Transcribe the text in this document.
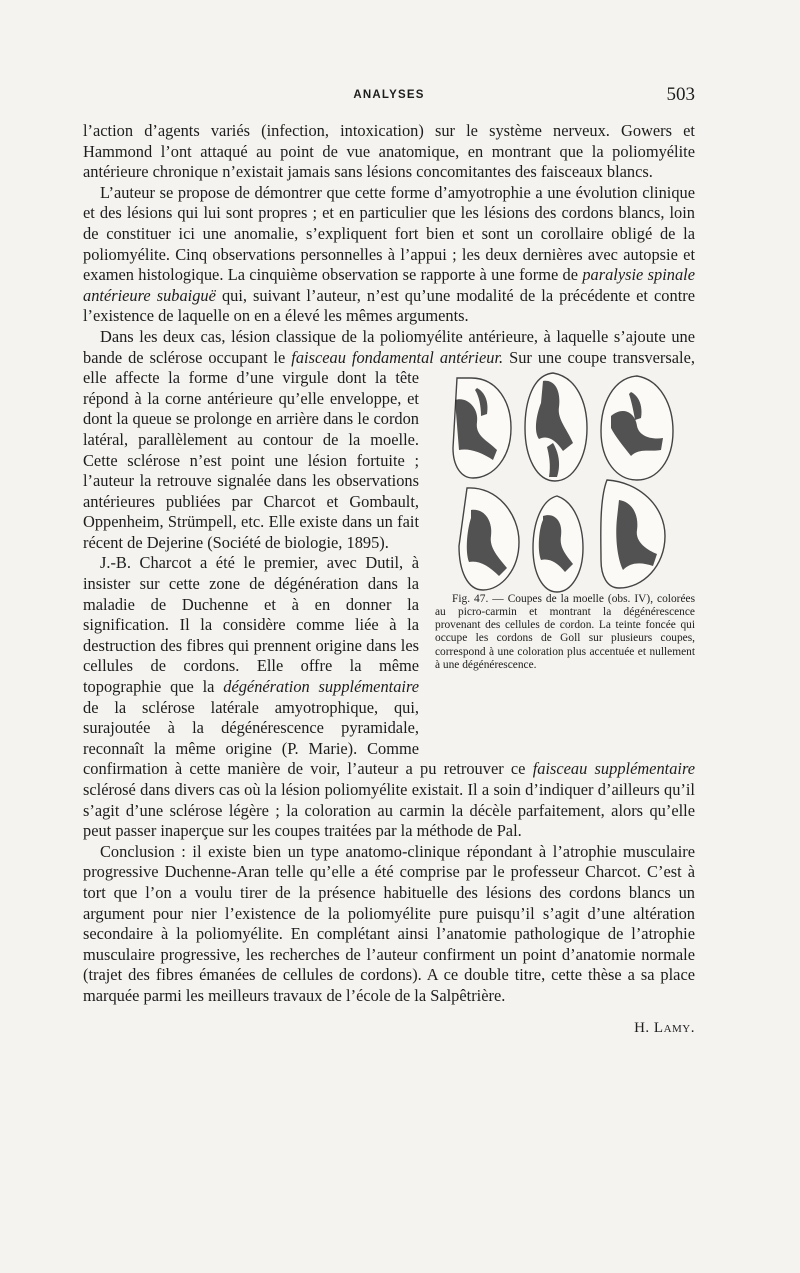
ANALYSES	503

l’action d’agents variés (infection, intoxication) sur le système nerveux. Gowers et Hammond l’ont attaqué au point de vue anatomique, en montrant que la poliomyélite antérieure chronique n’existait jamais sans lésions concomitantes des faisceaux blancs.

L’auteur se propose de démontrer que cette forme d’amyotrophie a une évolution clinique et des lésions qui lui sont propres ; et en particulier que les lésions des cordons blancs, loin de constituer ici une anomalie, s’expliquent fort bien et sont un corollaire obligé de la poliomyélite. Cinq observations personnelles à l’appui ; les deux dernières avec autopsie et examen histologique. La cinquième observation se rapporte à une forme de paralysie spinale antérieure subaiguë qui, suivant l’auteur, n’est qu’une modalité de la précédente et contre l’existence de laquelle on en a élevé les mêmes arguments.

Dans les deux cas, lésion classique de la poliomyélite antérieure, à laquelle s’ajoute une bande de sclérose occupant le faisceau fondamental antérieur. Sur
Fig. 47. — Coupes de la moelle (obs. IV), colorées au picro-carmin et montrant la dégénérescence provenant des cellules de cordon. La teinte foncée qui occupe les cordons de Goll sur plusieurs coupes, correspond à une coloration plus accentuée et nullement à une dégénérescence.
une coupe transversale, elle affecte la forme d’une virgule dont la tête répond à la corne antérieure qu’elle enveloppe, et dont la queue se prolonge en arrière dans le cordon latéral, parallèlement au contour de la moelle. Cette sclérose n’est point une lésion fortuite ; l’auteur la retrouve signalée dans les observations antérieures publiées par Charcot et Gombault, Oppenheim, Strümpell, etc. Elle existe dans un fait récent de Dejerine (Société de biologie, 1895).

J.-B. Charcot a été le premier, avec Dutil, à insister sur cette zone de dégénération dans la maladie de Duchenne et à en donner la signification. Il la considère comme liée à la destruction des fibres qui prennent origine dans les cellules de cordons. Elle offre la même topographie que la dégénération supplémentaire de la sclérose latérale amyotrophique, qui, surajoutée à la dégénérescence pyramidale, reconnaît la même origine (P. Marie). Comme confirmation à cette manière de voir, l’auteur a pu retrouver ce faisceau supplémentaire sclérosé dans divers cas où la lésion poliomyélite existait. Il a soin d’indiquer d’ailleurs qu’il s’agit d’une sclérose légère ; la coloration au carmin la décèle parfaitement, alors qu’elle peut passer inaperçue sur les coupes traitées par la méthode de Pal.

Conclusion : il existe bien un type anatomo-clinique répondant à l’atrophie musculaire progressive Duchenne-Aran telle qu’elle a été comprise par le professeur Charcot. C’est à tort que l’on a voulu tirer de la présence habituelle des lésions des cordons blancs un argument pour nier l’existence de la poliomyélite pure puisqu’il s’agit d’une altération secondaire à la poliomyélite. En complétant ainsi l’anatomie pathologique de l’atrophie musculaire progressive, les recherches de l’auteur confirment un point d’anatomie normale (trajet des fibres émanées de cellules de cordons). A ce double titre, cette thèse a sa place marquée parmi les meilleurs travaux de l’école de la Salpêtrière.

H. Lamy.
